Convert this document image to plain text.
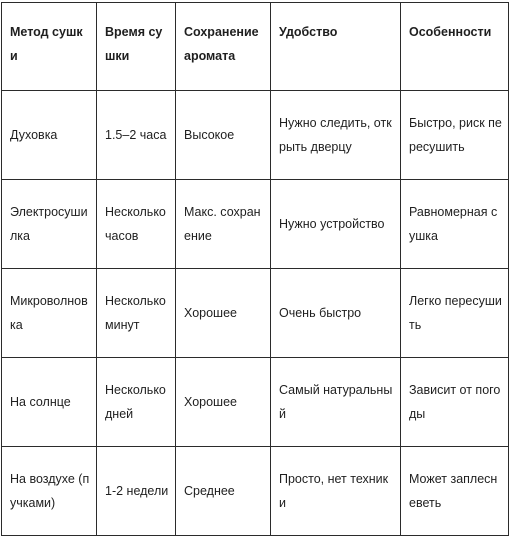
Метод сушки	Время сушки	Сохранение аромата	Удобство	Особенности
Духовка	1.5–2 часа	Высокое	Нужно следить, открыть дверцу	Быстро, риск пересушить
Электросушилка	Несколько часов	Макс. сохранение	Нужно устройство	Равномерная сушка
Микроволновка	Несколько минут	Хорошее	Очень быстро	Легко пересушить
На солнце	Несколько дней	Хорошее	Самый натуральный	Зависит от погоды
На воздухе (пучками)	1-2 недели	Среднее	Просто, нет техники	Может заплесневеть
